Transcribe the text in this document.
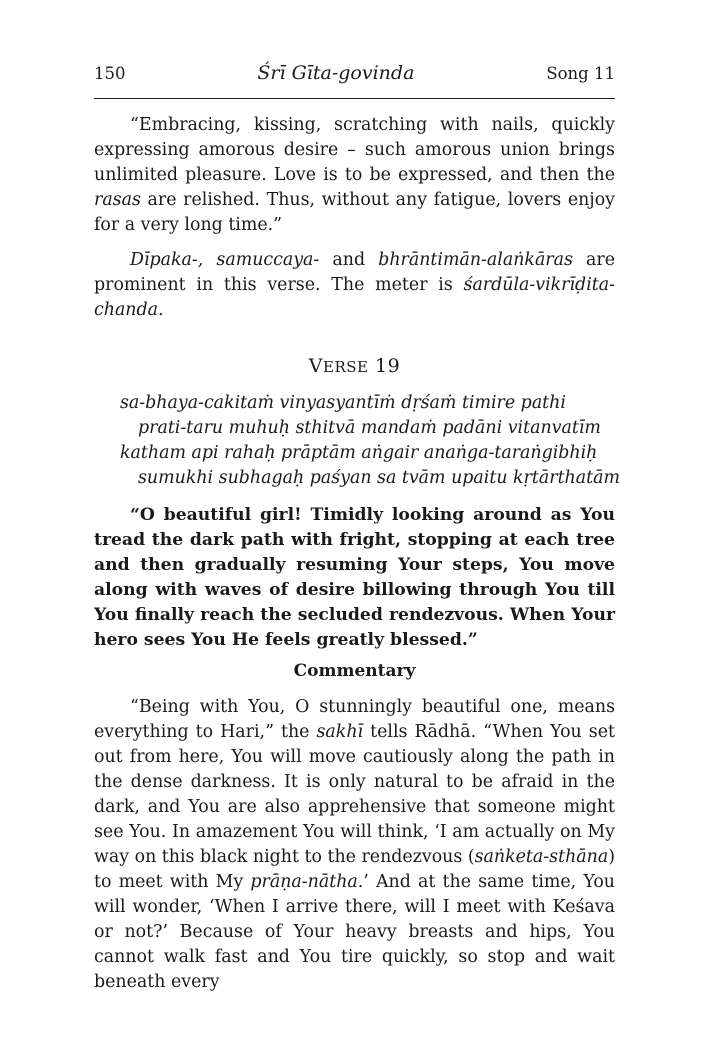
150	Śrī Gīta-govinda	Song 11

“Embracing, kissing, scratching with nails, quickly expressing amorous desire – such amorous union brings unlimited pleasure. Love is to be expressed, and then the rasas are relished. Thus, without any fatigue, lovers enjoy for a very long time.”

Dīpaka-, samuccaya- and bhrāntimān-alaṅkāras are prominent in this verse. The meter is śardūla-vikrīḍita-chanda.

VERSE 19
sa-bhaya-cakitaṁ vinyasyantīṁ dṛśaṁ timire pathi
prati-taru muhuḥ sthitvā mandaṁ padāni vitanvatīm
katham api rahaḥ prāptām aṅgair anaṅga-taraṅgibhiḥ
sumukhi subhagaḥ paśyan sa tvām upaitu kṛtārthatām

“O beautiful girl! Timidly looking around as You tread the dark path with fright, stopping at each tree and then gradually resuming Your steps, You move along with waves of desire billowing through You till You finally reach the secluded rendezvous. When Your hero sees You He feels greatly blessed.”

Commentary

“Being with You, O stunningly beautiful one, means everything to Hari,” the sakhī tells Rādhā. “When You set out from here, You will move cautiously along the path in the dense darkness. It is only natural to be afraid in the dark, and You are also apprehensive that someone might see You. In amazement You will think, ‘I am actually on My way on this black night to the rendezvous (saṅketa-sthāna) to meet with My prāṇa-nātha.’ And at the same time, You will wonder, ‘When I arrive there, will I meet with Keśava or not?’ Because of Your heavy breasts and hips, You cannot walk fast and You tire quickly, so stop and wait beneath every
